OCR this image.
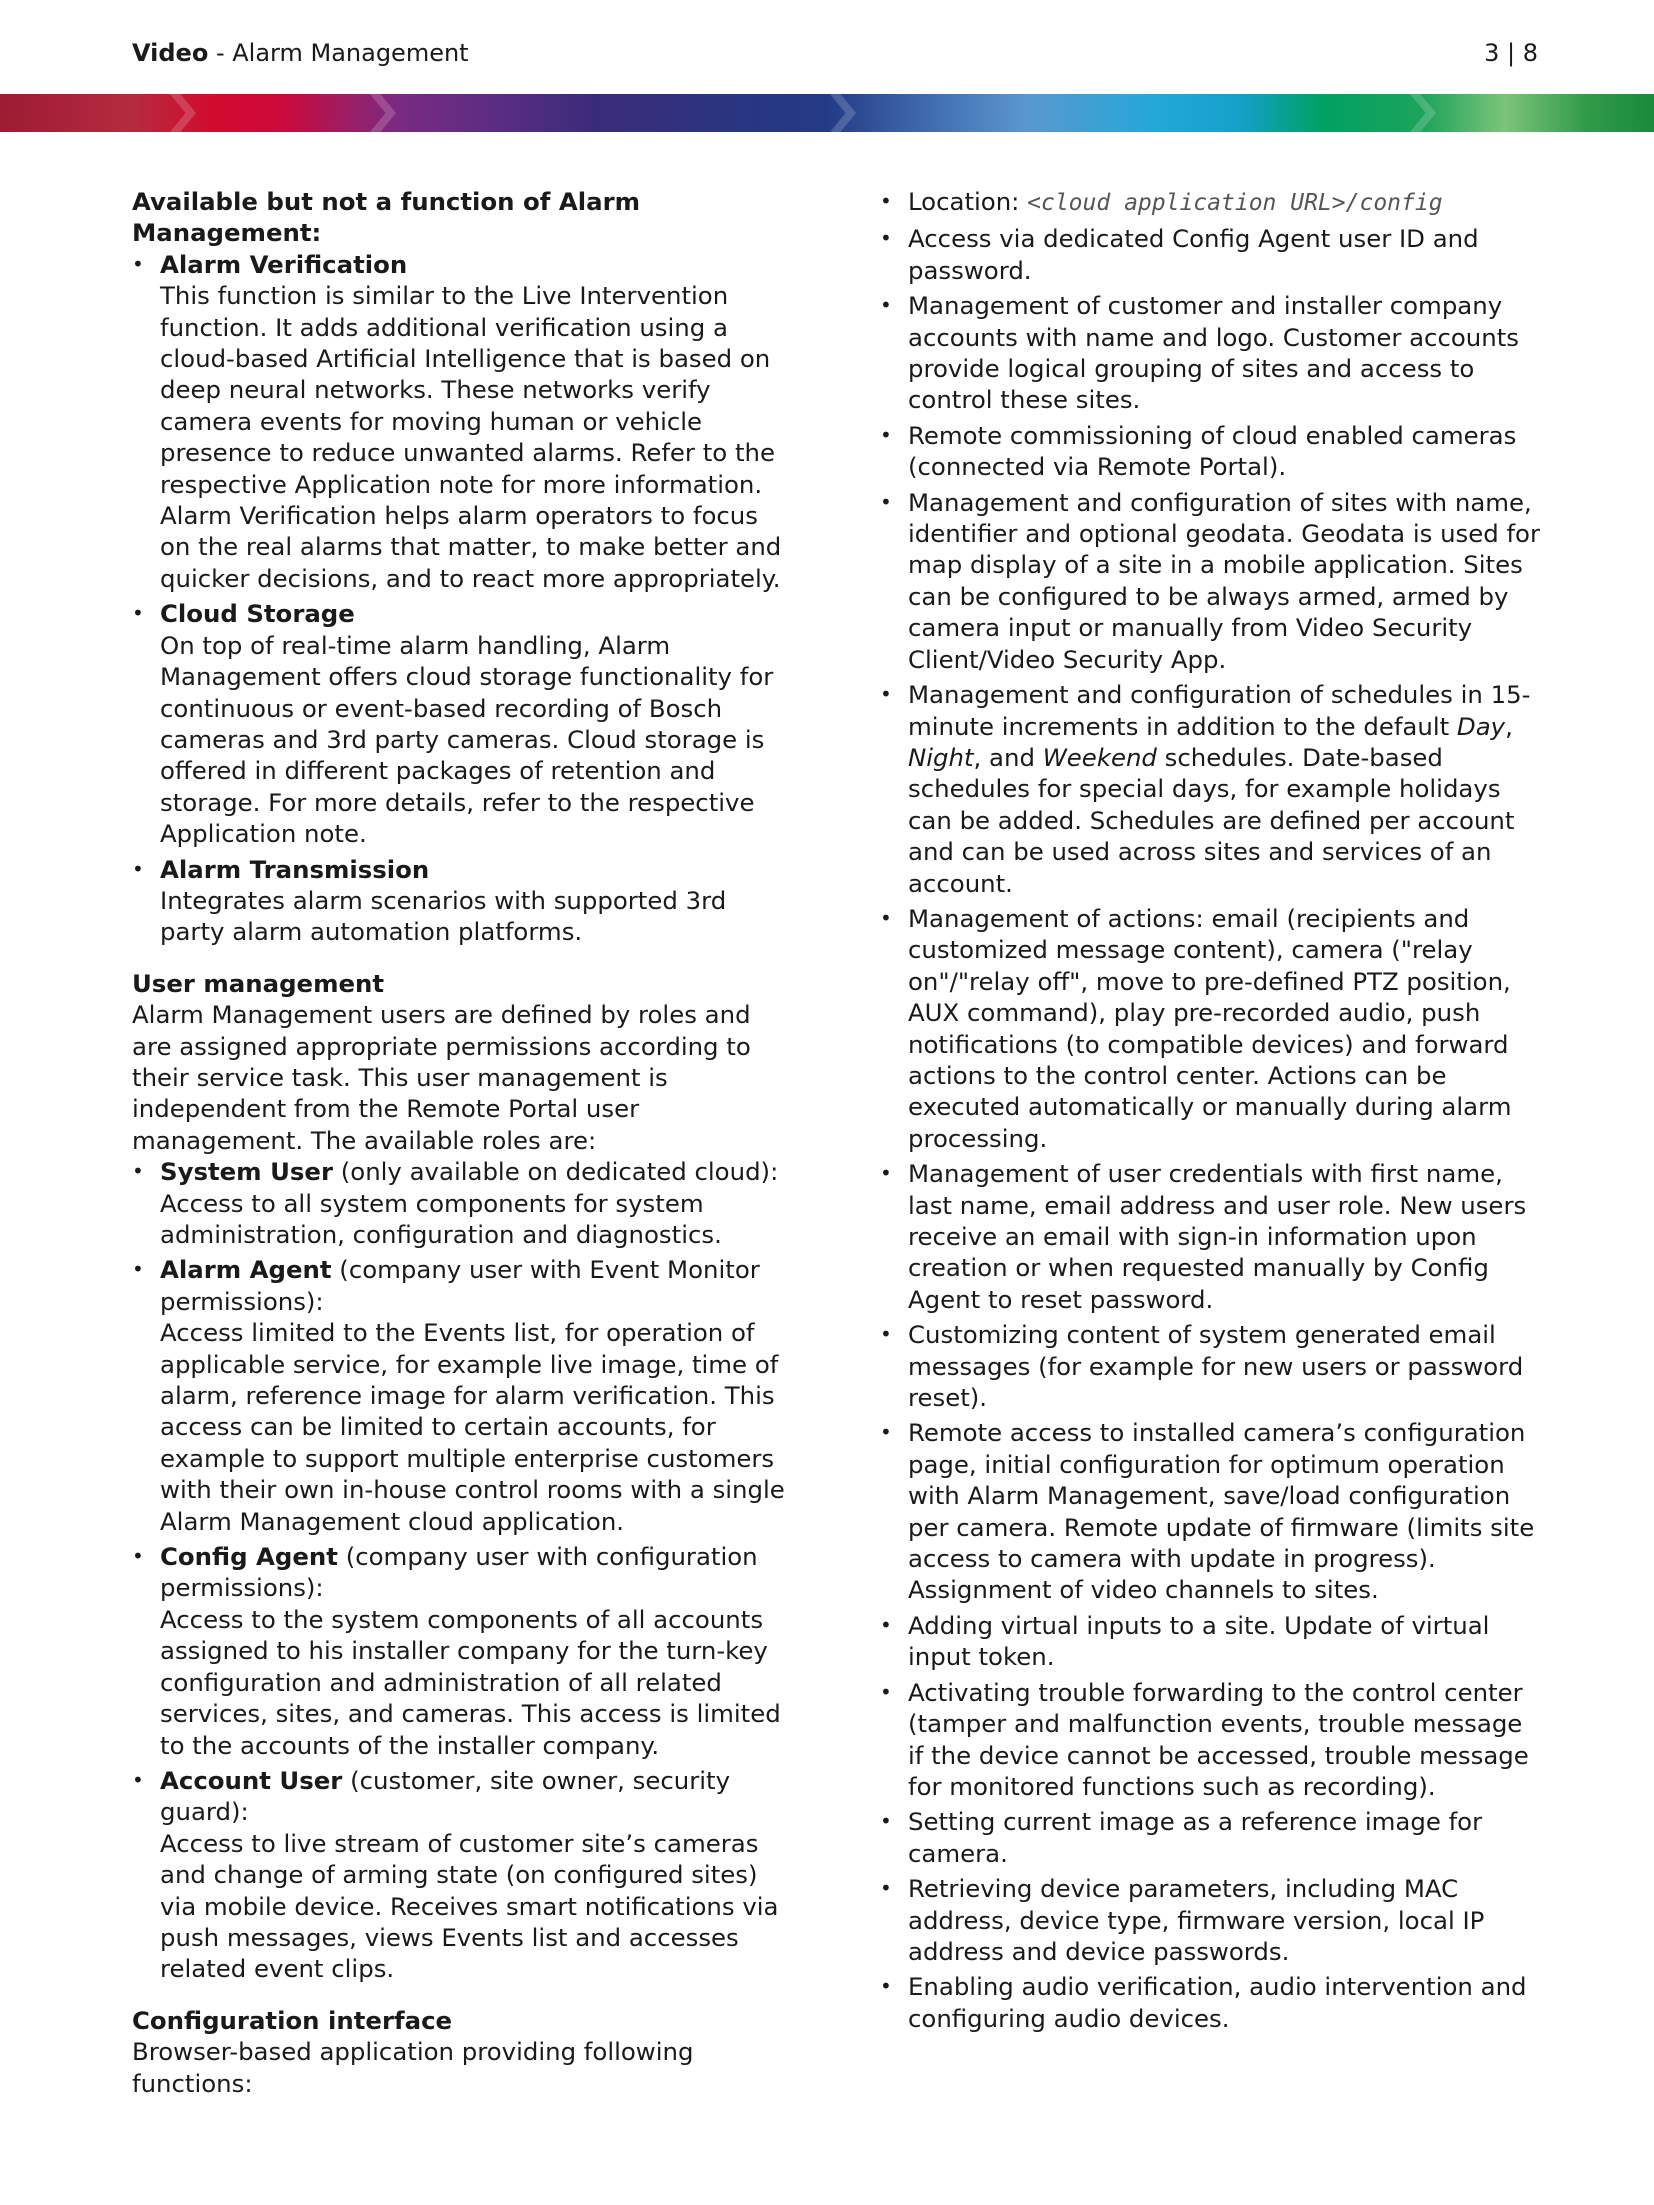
Video - Alarm Management	3 | 8
Available but not a function of Alarm Management:
• Alarm Verification
This function is similar to the Live Intervention function. It adds additional verification using a cloud-based Artificial Intelligence that is based on deep neural networks. These networks verify camera events for moving human or vehicle presence to reduce unwanted alarms. Refer to the respective Application note for more information. Alarm Verification helps alarm operators to focus on the real alarms that matter, to make better and quicker decisions, and to react more appropriately.
• Cloud Storage
On top of real-time alarm handling, Alarm Management offers cloud storage functionality for continuous or event-based recording of Bosch cameras and 3rd party cameras. Cloud storage is offered in different packages of retention and storage. For more details, refer to the respective Application note.
• Alarm Transmission
Integrates alarm scenarios with supported 3rd party alarm automation platforms.
User management

Alarm Management users are defined by roles and are assigned appropriate permissions according to their service task. This user management is independent from the Remote Portal user management. The available roles are:

• System User (only available on dedicated cloud):
Access to all system components for system administration, configuration and diagnostics.
• Alarm Agent (company user with Event Monitor permissions):
Access limited to the Events list, for operation of applicable service, for example live image, time of alarm, reference image for alarm verification. This access can be limited to certain accounts, for example to support multiple enterprise customers with their own in-house control rooms with a single Alarm Management cloud application.
• Config Agent (company user with configuration permissions):
Access to the system components of all accounts assigned to his installer company for the turn-key configuration and administration of all related services, sites, and cameras. This access is limited to the accounts of the installer company.
• Account User (customer, site owner, security guard):
Access to live stream of customer site’s cameras and change of arming state (on configured sites) via mobile device. Receives smart notifications via push messages, views Events list and accesses related event clips.
Configuration interface

Browser-based application providing following functions:

• Location: <cloud application URL>/config
• Access via dedicated Config Agent user ID and password.
• Management of customer and installer company accounts with name and logo. Customer accounts provide logical grouping of sites and access to control these sites.
• Remote commissioning of cloud enabled cameras (connected via Remote Portal).
• Management and configuration of sites with name, identifier and optional geodata. Geodata is used for map display of a site in a mobile application. Sites can be configured to be always armed, armed by camera input or manually from Video Security Client/Video Security App.
• Management and configuration of schedules in 15-minute increments in addition to the default Day, Night, and Weekend schedules. Date-based schedules for special days, for example holidays can be added. Schedules are defined per account and can be used across sites and services of an account.
• Management of actions: email (recipients and customized message content), camera ("relay on"/"relay off", move to pre-defined PTZ position, AUX command), play pre-recorded audio, push notifications (to compatible devices) and forward actions to the control center. Actions can be executed automatically or manually during alarm processing.
• Management of user credentials with first name, last name, email address and user role. New users receive an email with sign-in information upon creation or when requested manually by Config Agent to reset password.
• Customizing content of system generated email messages (for example for new users or password reset).
• Remote access to installed camera’s configuration page, initial configuration for optimum operation with Alarm Management, save/load configuration per camera. Remote update of firmware (limits site access to camera with update in progress). Assignment of video channels to sites.
• Adding virtual inputs to a site. Update of virtual input token.
• Activating trouble forwarding to the control center (tamper and malfunction events, trouble message if the device cannot be accessed, trouble message for monitored functions such as recording).
• Setting current image as a reference image for camera.
• Retrieving device parameters, including MAC address, device type, firmware version, local IP address and device passwords.
• Enabling audio verification, audio intervention and configuring audio devices.
